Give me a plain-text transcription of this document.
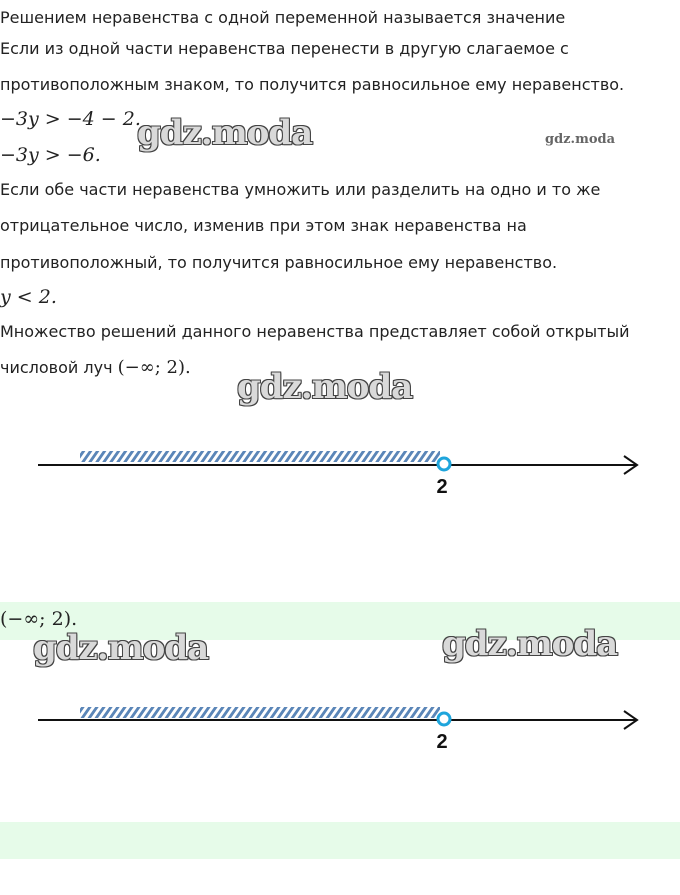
Решением неравенства с одной переменной называется значение
Если из одной части неравенства перенести в другую слагаемое с
противоположным знаком, то получится равносильное ему неравенство.
−3y > −4 − 2.
−3y > −6.
gdz.moda	gdz.moda
Если обе части неравенства умножить или разделить на одно и то же
отрицательное число, изменив при этом знак неравенства на
противоположный, то получится равносильное ему неравенство.
y < 2.
Множество решений данного неравенства представляет собой открытый
числовой луч (−∞; 2). gdz.moda
2
(−∞; 2).
gdz.moda	gdz.moda
2
